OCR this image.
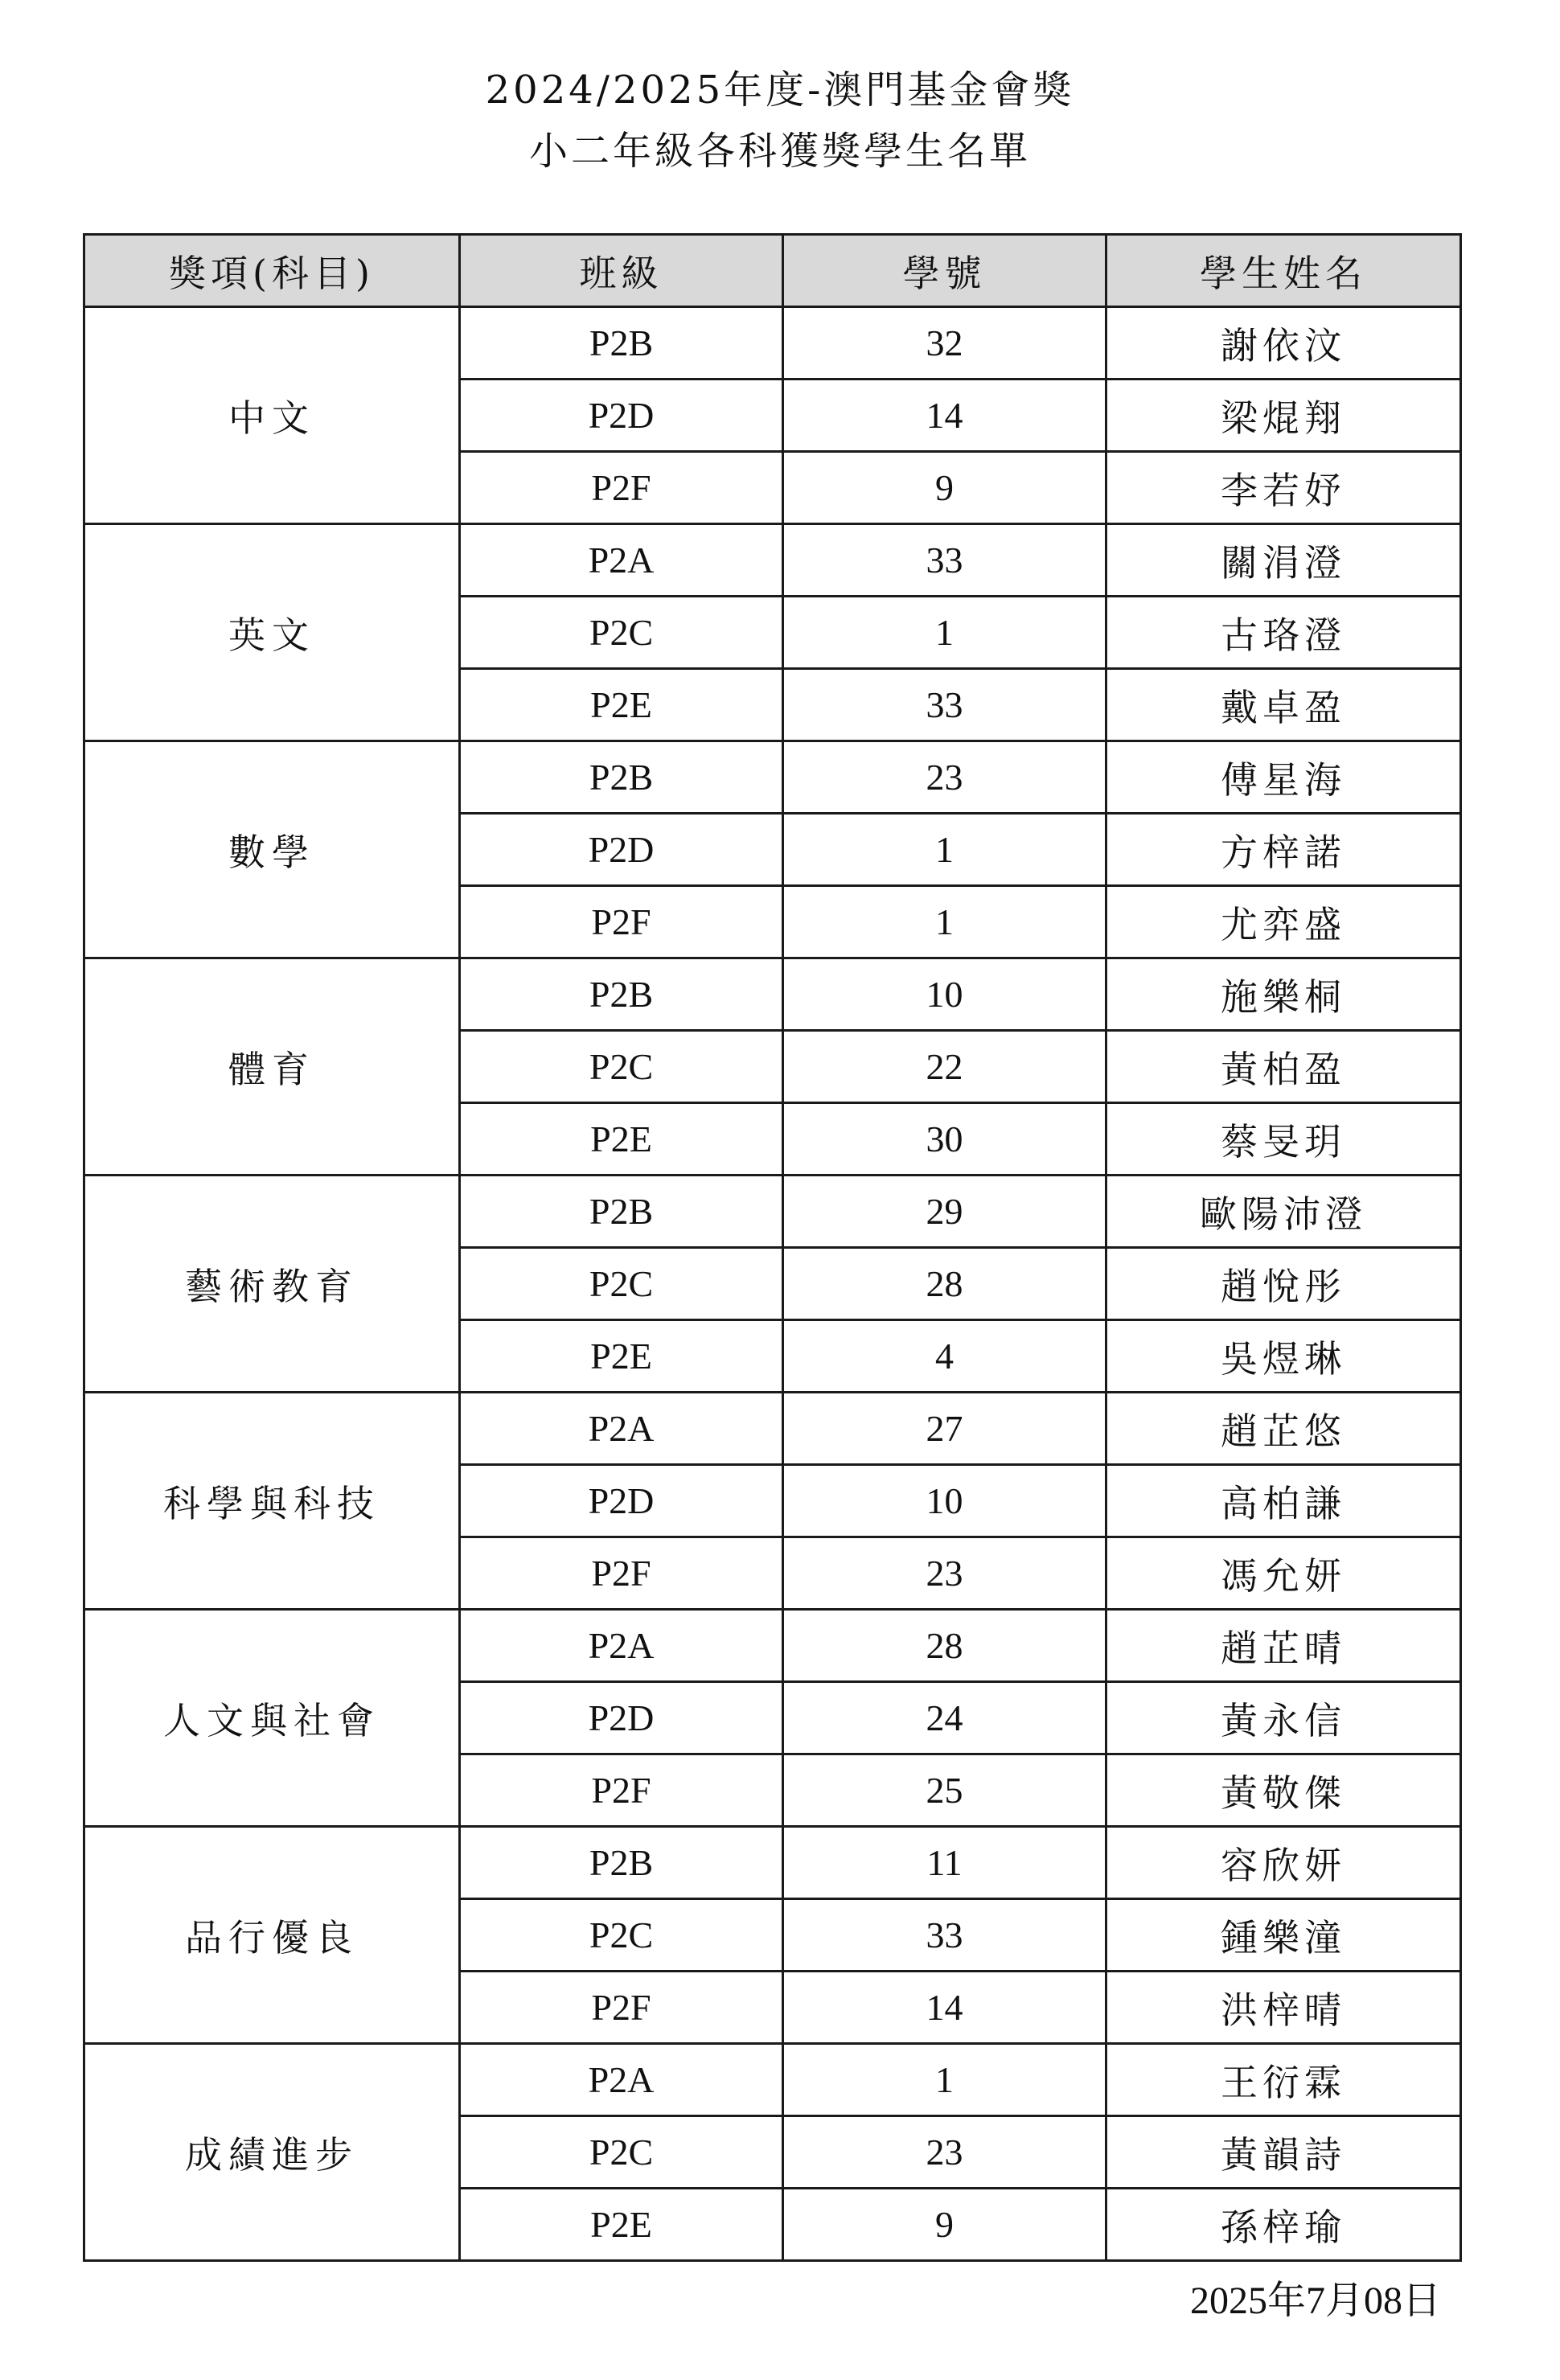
2024/2025年度-澳門基金會獎
小二年級各科獲獎學生名單
獎項(科目)	班級	學號	學生姓名
中文	P2B	32	謝依汶
	P2D	14	梁焜翔
	P2F	9	李若妤
英文	P2A	33	關涓澄
	P2C	1	古珞澄
	P2E	33	戴卓盈
數學	P2B	23	傅星海
	P2D	1	方梓諾
	P2F	1	尤弈盛
體育	P2B	10	施樂桐
	P2C	22	黃柏盈
	P2E	30	蔡旻玥
藝術教育	P2B	29	歐陽沛澄
	P2C	28	趙悅彤
	P2E	4	吳煜琳
科學與科技	P2A	27	趙芷悠
	P2D	10	高柏謙
	P2F	23	馮允妍
人文與社會	P2A	28	趙芷晴
	P2D	24	黃永信
	P2F	25	黃敬傑
品行優良	P2B	11	容欣妍
	P2C	33	鍾樂潼
	P2F	14	洪梓晴
成績進步	P2A	1	王衍霖
	P2C	23	黃韻詩
	P2E	9	孫梓瑜
2025年7月08日
